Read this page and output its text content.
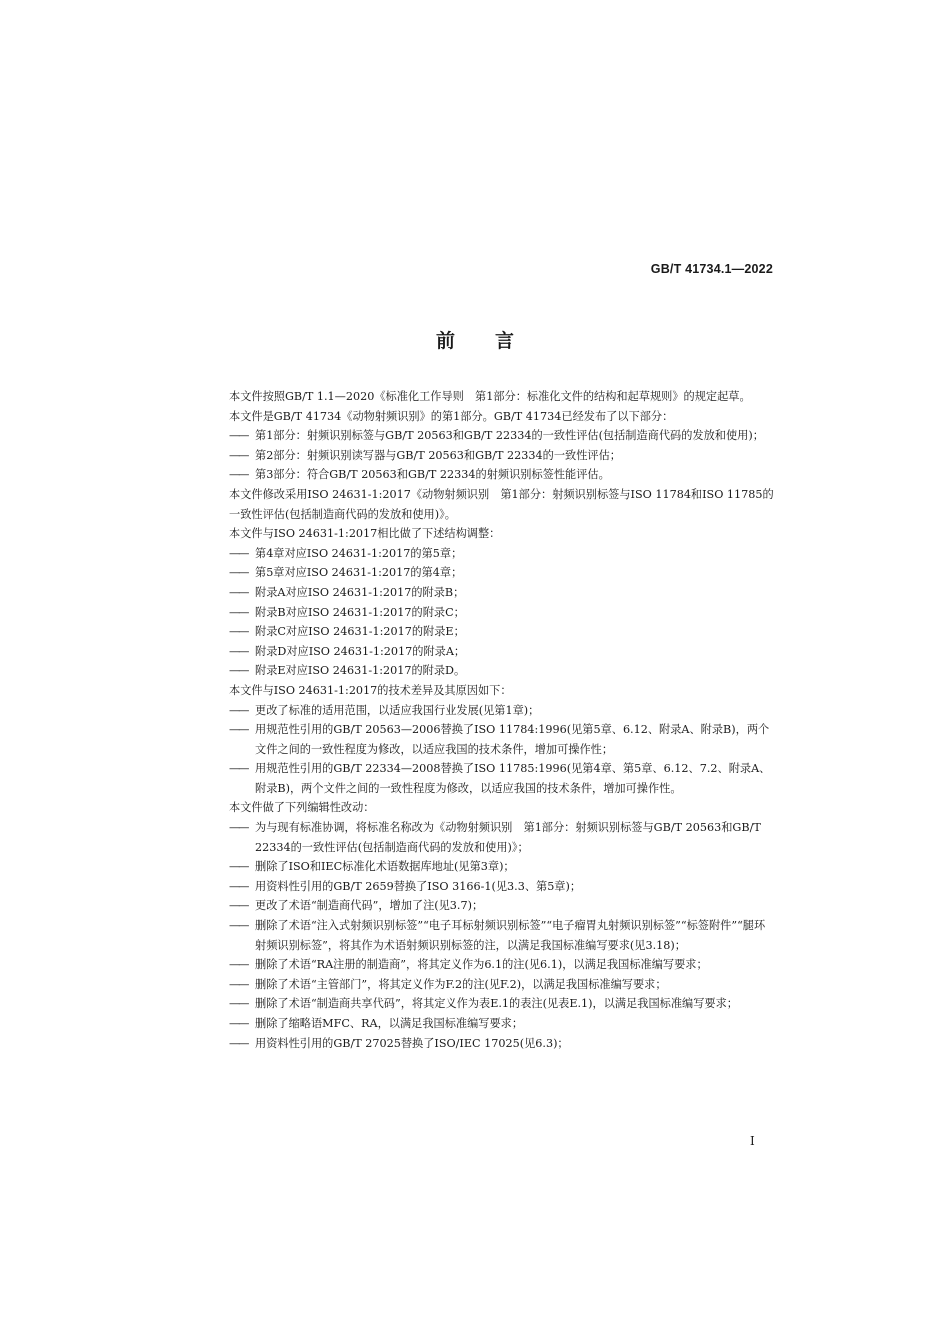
GB/T 41734.1—2022
前言

本文件按照GB/T 1.1—2020《标准化工作导则　第1部分：标准化文件的结构和起草规则》的规定起草。

本文件是GB/T 41734《动物射频识别》的第1部分。GB/T 41734已经发布了以下部分：

—— 第1部分：射频识别标签与GB/T 20563和GB/T 22334的一致性评估(包括制造商代码的发放和使用)；

—— 第2部分：射频识别读写器与GB/T 20563和GB/T 22334的一致性评估；

—— 第3部分：符合GB/T 20563和GB/T 22334的射频识别标签性能评估。

本文件修改采用ISO 24631-1:2017《动物射频识别　第1部分：射频识别标签与ISO 11784和ISO 11785的一致性评估(包括制造商代码的发放和使用)》。

本文件与ISO 24631-1:2017相比做了下述结构调整：

—— 第4章对应ISO 24631-1:2017的第5章；

—— 第5章对应ISO 24631-1:2017的第4章；

—— 附录A对应ISO 24631-1:2017的附录B；

—— 附录B对应ISO 24631-1:2017的附录C；

—— 附录C对应ISO 24631-1:2017的附录E；

—— 附录D对应ISO 24631-1:2017的附录A；

—— 附录E对应ISO 24631-1:2017的附录D。

本文件与ISO 24631-1:2017的技术差异及其原因如下：

—— 更改了标准的适用范围，以适应我国行业发展(见第1章)；

—— 用规范性引用的GB/T 20563—2006替换了ISO 11784:1996(见第5章、6.12、附录A、附录B)，两个文件之间的一致性程度为修改，以适应我国的技术条件，增加可操作性；

—— 用规范性引用的GB/T 22334—2008替换了ISO 11785:1996(见第4章、第5章、6.12、7.2、附录A、附录B)，两个文件之间的一致性程度为修改，以适应我国的技术条件，增加可操作性。

本文件做了下列编辑性改动：

—— 为与现有标准协调，将标准名称改为《动物射频识别　第1部分：射频识别标签与GB/T 20563和GB/T 22334的一致性评估(包括制造商代码的发放和使用)》；

—— 删除了ISO和IEC标准化术语数据库地址(见第3章)；

—— 用资料性引用的GB/T 2659替换了ISO 3166-1(见3.3、第5章)；

—— 更改了术语“制造商代码”，增加了注(见3.7)；

—— 删除了术语“注入式射频识别标签”“电子耳标射频识别标签”“电子瘤胃丸射频识别标签”“标签附件”“腿环射频识别标签”，将其作为术语射频识别标签的注，以满足我国标准编写要求(见3.18)；

—— 删除了术语“RA注册的制造商”，将其定义作为6.1的注(见6.1)，以满足我国标准编写要求；

—— 删除了术语“主管部门”，将其定义作为F.2的注(见F.2)，以满足我国标准编写要求；

—— 删除了术语“制造商共享代码”，将其定义作为表E.1的表注(见表E.1)，以满足我国标准编写要求；

—— 删除了缩略语MFC、RA，以满足我国标准编写要求；

—— 用资料性引用的GB/T 27025替换了ISO/IEC 17025(见6.3)；

I
